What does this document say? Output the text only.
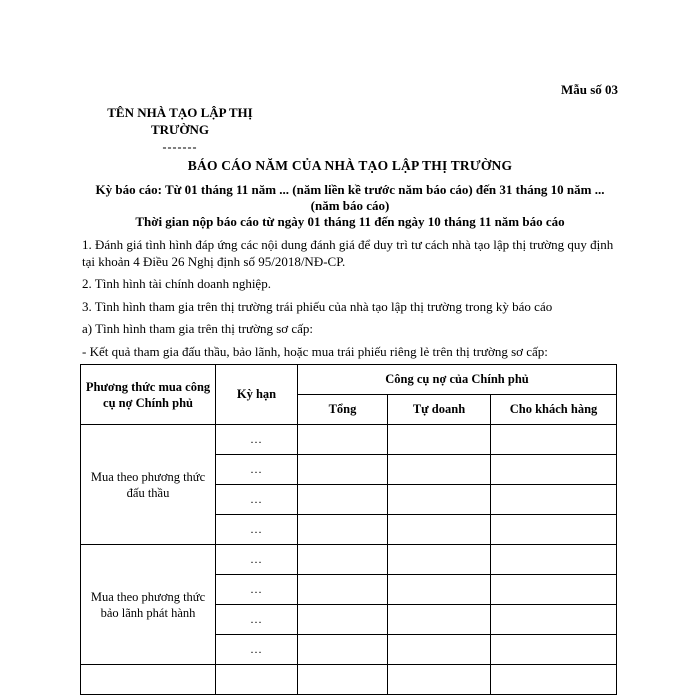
Mẫu số 03
TÊN NHÀ TẠO LẬP THỊ TRƯỜNG
-------
BÁO CÁO NĂM CỦA NHÀ TẠO LẬP THỊ TRƯỜNG
Kỳ báo cáo: Từ 01 tháng 11 năm ... (năm liền kề trước năm báo cáo) đến 31 tháng 10 năm ... (năm báo cáo)
Thời gian nộp báo cáo từ ngày 01 tháng 11 đến ngày 10 tháng 11 năm báo cáo
1. Đánh giá tình hình đáp ứng các nội dung đánh giá để duy trì tư cách nhà tạo lập thị trường quy định tại khoản 4 Điều 26 Nghị định số 95/2018/NĐ-CP.
2. Tình hình tài chính doanh nghiệp.
3. Tình hình tham gia trên thị trường trái phiếu của nhà tạo lập thị trường trong kỳ báo cáo
a) Tình hình tham gia trên thị trường sơ cấp:
- Kết quả tham gia đấu thầu, bảo lãnh, hoặc mua trái phiếu riêng lẻ trên thị trường sơ cấp:
Phương thức mua công cụ nợ Chính phủ	Kỳ hạn	Công cụ nợ của Chính phủ		
		Tổng	Tự doanh	Cho khách hàng
Mua theo phương thức đấu thầu	...			
	...			
	...			
	...			
Mua theo phương thức bảo lãnh phát hành	...			
	...			
	...			
	...			
